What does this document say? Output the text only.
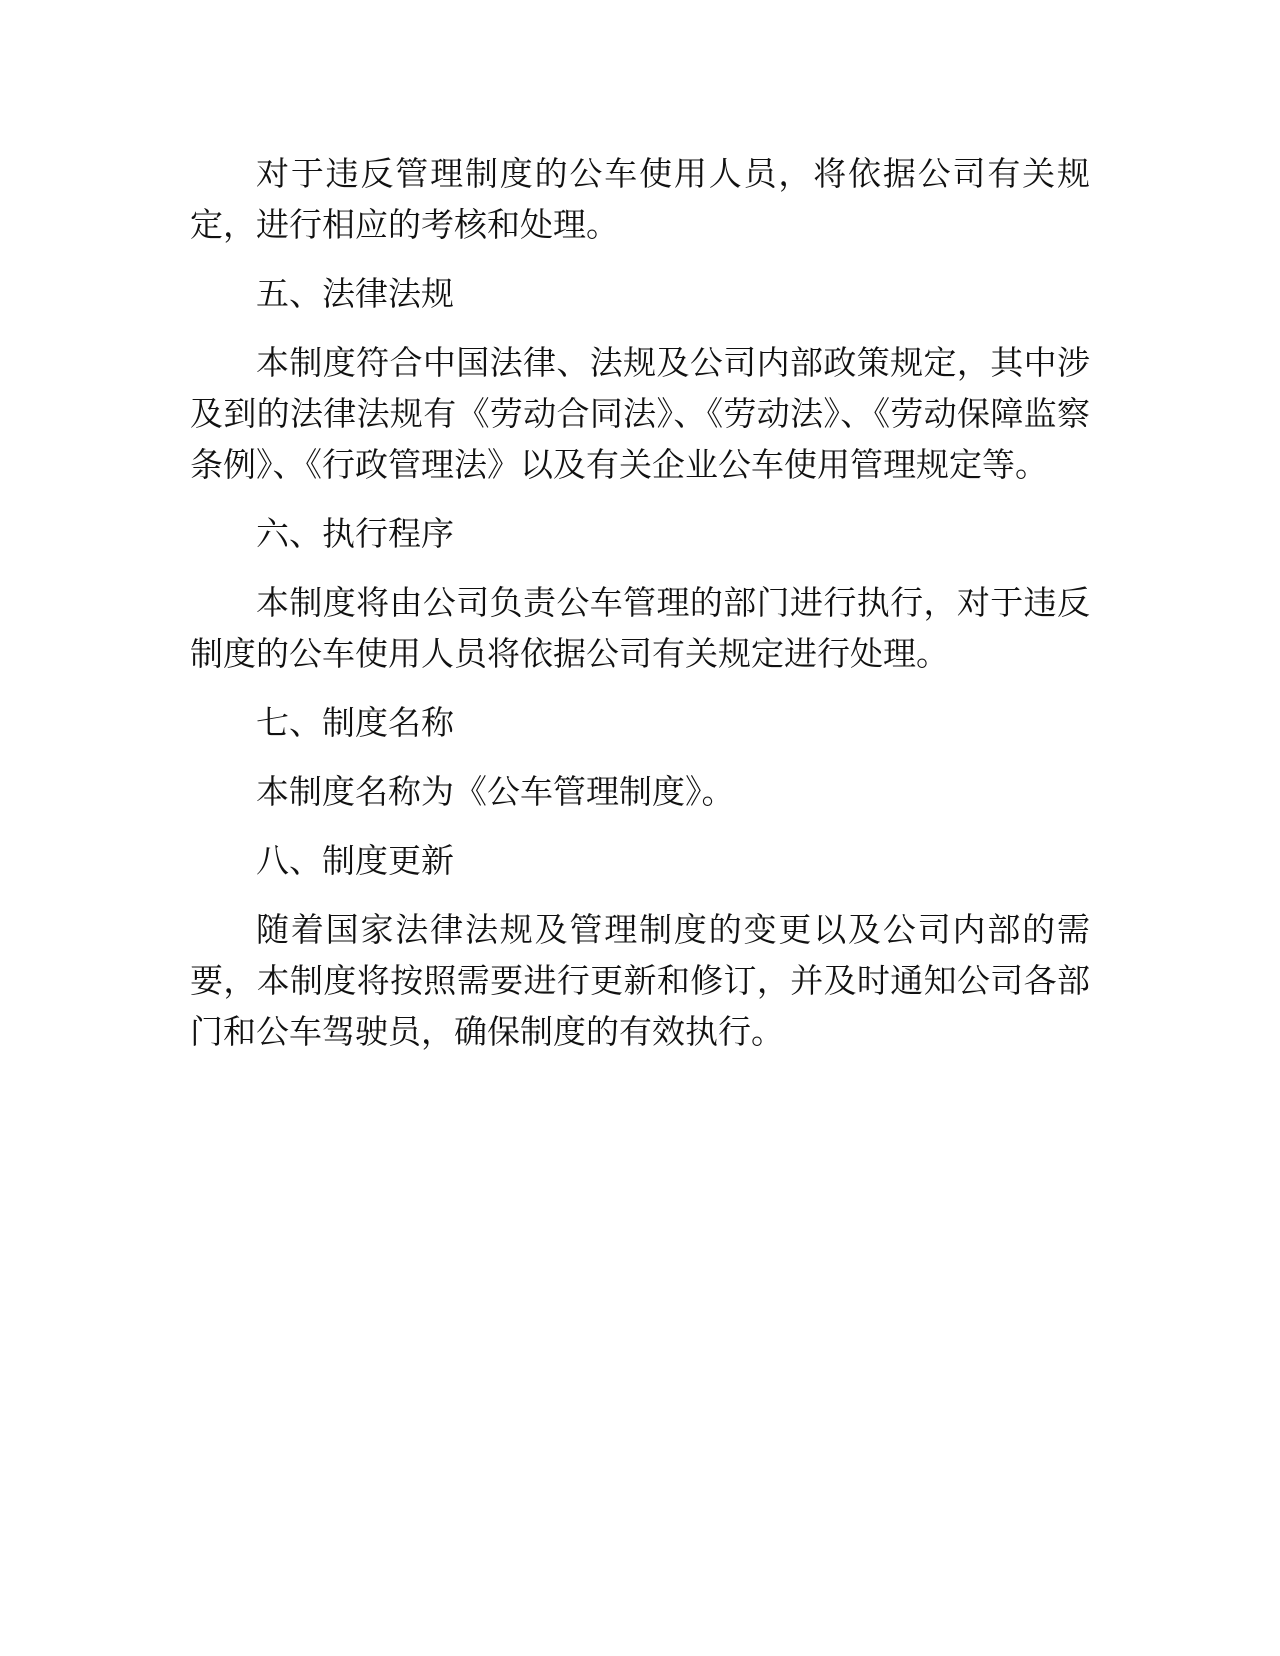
对于违反管理制度的公车使用人员，将依据公司有关规定，进行相应的考核和处理。

五、法律法规

本制度符合中国法律、法规及公司内部政策规定，其中涉及到的法律法规有《劳动合同法》、《劳动法》、《劳动保障监察条例》、《行政管理法》以及有关企业公车使用管理规定等。

六、执行程序

本制度将由公司负责公车管理的部门进行执行，对于违反制度的公车使用人员将依据公司有关规定进行处理。

七、制度名称

本制度名称为《公车管理制度》。

八、制度更新

随着国家法律法规及管理制度的变更以及公司内部的需要，本制度将按照需要进行更新和修订，并及时通知公司各部门和公车驾驶员，确保制度的有效执行。
